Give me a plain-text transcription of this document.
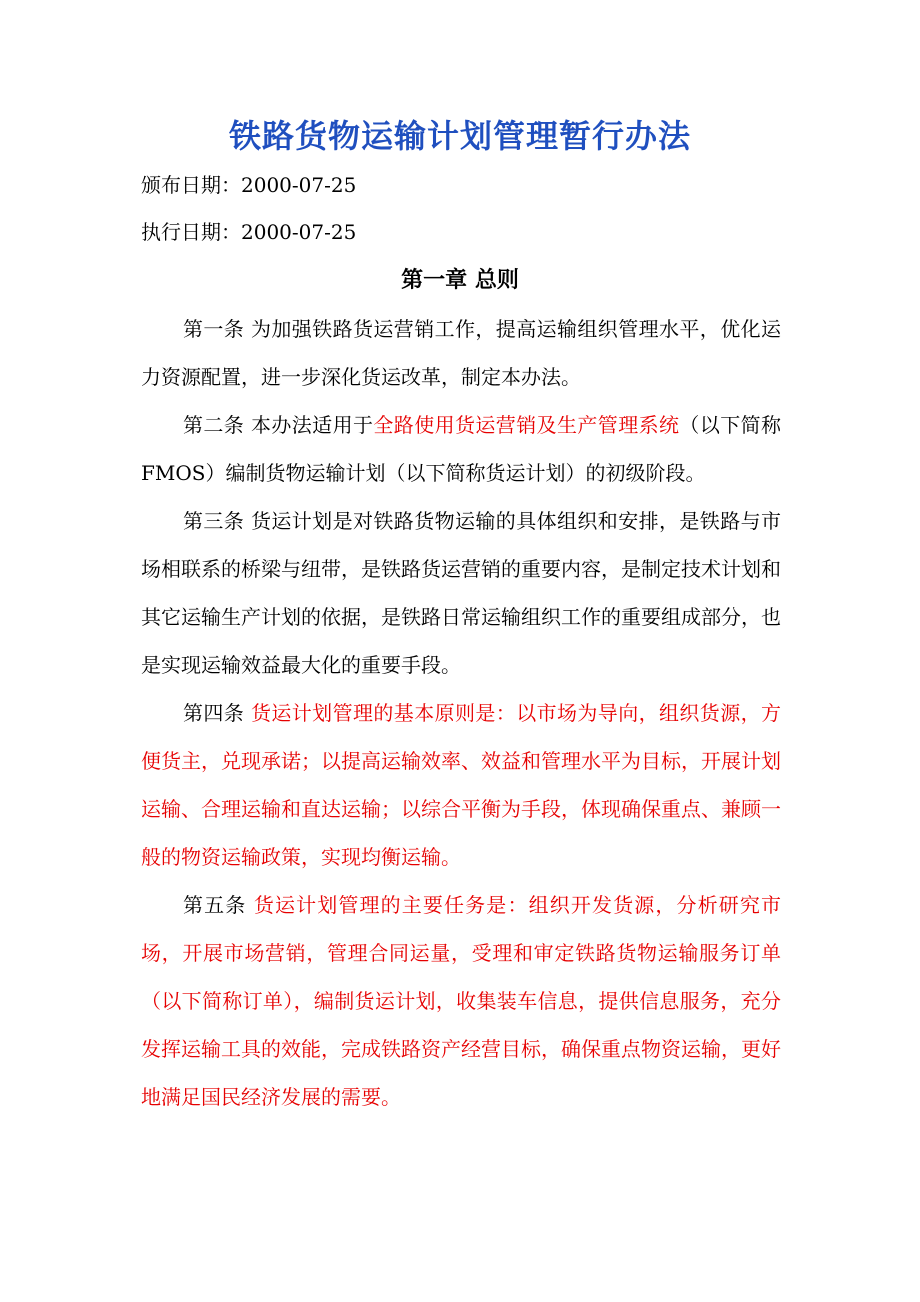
铁路货物运输计划管理暂行办法
颁布日期：2000-07-25
执行日期：2000-07-25
第一章 总则

第一条 为加强铁路货运营销工作，提高运输组织管理水平，优化运力资源配置，进一步深化货运改革，制定本办法。

第二条 本办法适用于全路使用货运营销及生产管理系统（以下简称FMOS）编制货物运输计划（以下简称货运计划）的初级阶段。

第三条 货运计划是对铁路货物运输的具体组织和安排，是铁路与市场相联系的桥梁与纽带，是铁路货运营销的重要内容，是制定技术计划和其它运输生产计划的依据，是铁路日常运输组织工作的重要组成部分，也是实现运输效益最大化的重要手段。

第四条 货运计划管理的基本原则是：以市场为导向，组织货源，方便货主，兑现承诺；以提高运输效率、效益和管理水平为目标，开展计划运输、合理运输和直达运输；以综合平衡为手段，体现确保重点、兼顾一般的物资运输政策，实现均衡运输。

第五条 货运计划管理的主要任务是：组织开发货源，分析研究市场，开展市场营销，管理合同运量，受理和审定铁路货物运输服务订单（以下简称订单），编制货运计划，收集装车信息，提供信息服务，充分发挥运输工具的效能，完成铁路资产经营目标，确保重点物资运输，更好地满足国民经济发展的需要。
